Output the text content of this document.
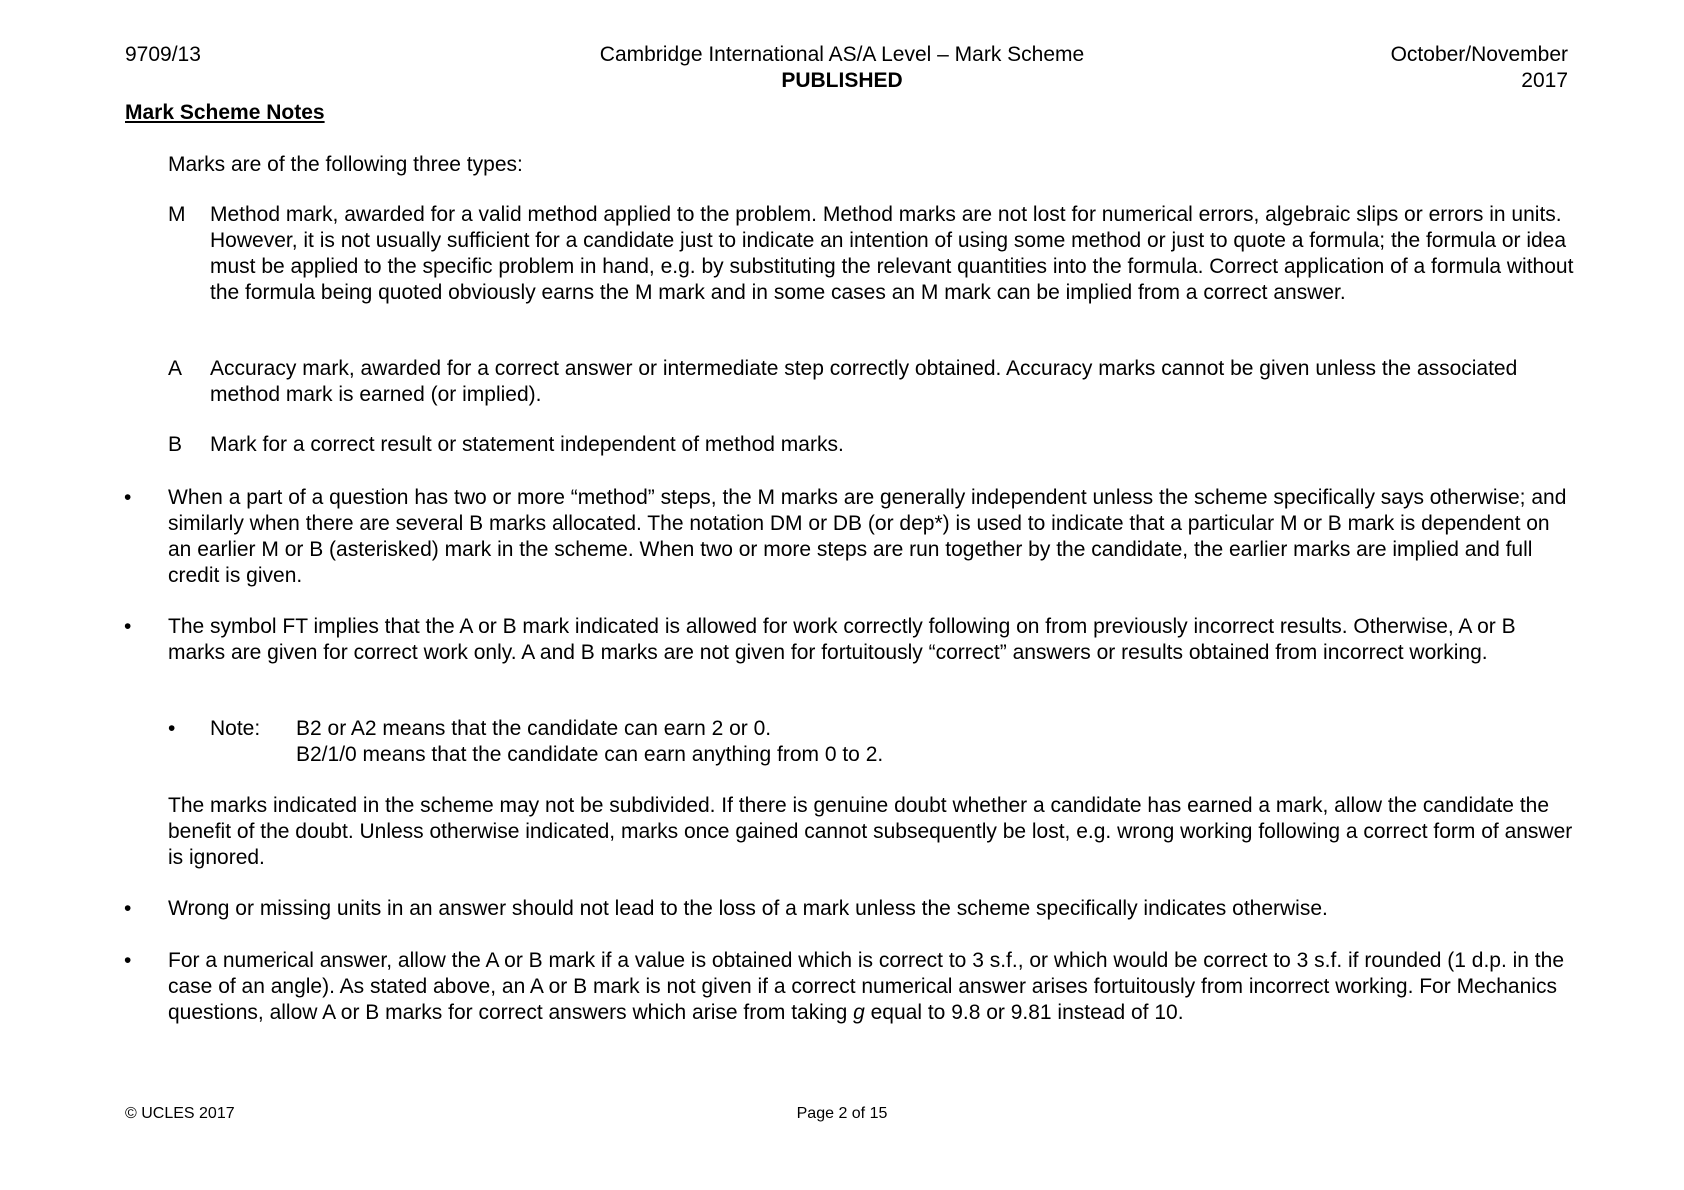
9709/13	Cambridge International AS/A Level – Mark Scheme
PUBLISHED
October/November
2017
Mark Scheme Notes
Marks are of the following three types:
M Method mark, awarded for a valid method applied to the problem. Method marks are not lost for numerical errors, algebraic slips or errors in units. However, it is not usually sufficient for a candidate just to indicate an intention of using some method or just to quote a formula; the formula or idea must be applied to the specific problem in hand, e.g. by substituting the relevant quantities into the formula. Correct application of a formula without the formula being quoted obviously earns the M mark and in some cases an M mark can be implied from a correct answer.
A Accuracy mark, awarded for a correct answer or intermediate step correctly obtained. Accuracy marks cannot be given unless the associated method mark is earned (or implied).
B Mark for a correct result or statement independent of method marks.
• When a part of a question has two or more “method” steps, the M marks are generally independent unless the scheme specifically says otherwise; and similarly when there are several B marks allocated. The notation DM or DB (or dep*) is used to indicate that a particular M or B mark is dependent on an earlier M or B (asterisked) mark in the scheme. When two or more steps are run together by the candidate, the earlier marks are implied and full credit is given.
• The symbol FT implies that the A or B mark indicated is allowed for work correctly following on from previously incorrect results. Otherwise, A or B marks are given for correct work only. A and B marks are not given for fortuitously “correct” answers or results obtained from incorrect working.
• Note: B2 or A2 means that the candidate can earn 2 or 0.
B2/1/0 means that the candidate can earn anything from 0 to 2.
The marks indicated in the scheme may not be subdivided. If there is genuine doubt whether a candidate has earned a mark, allow the candidate the benefit of the doubt. Unless otherwise indicated, marks once gained cannot subsequently be lost, e.g. wrong working following a correct form of answer is ignored.
• Wrong or missing units in an answer should not lead to the loss of a mark unless the scheme specifically indicates otherwise.
• For a numerical answer, allow the A or B mark if a value is obtained which is correct to 3 s.f., or which would be correct to 3 s.f. if rounded (1 d.p. in the case of an angle). As stated above, an A or B mark is not given if a correct numerical answer arises fortuitously from incorrect working. For Mechanics questions, allow A or B marks for correct answers which arise from taking g equal to 9.8 or 9.81 instead of 10.
© UCLES 2017	Page 2 of 15
